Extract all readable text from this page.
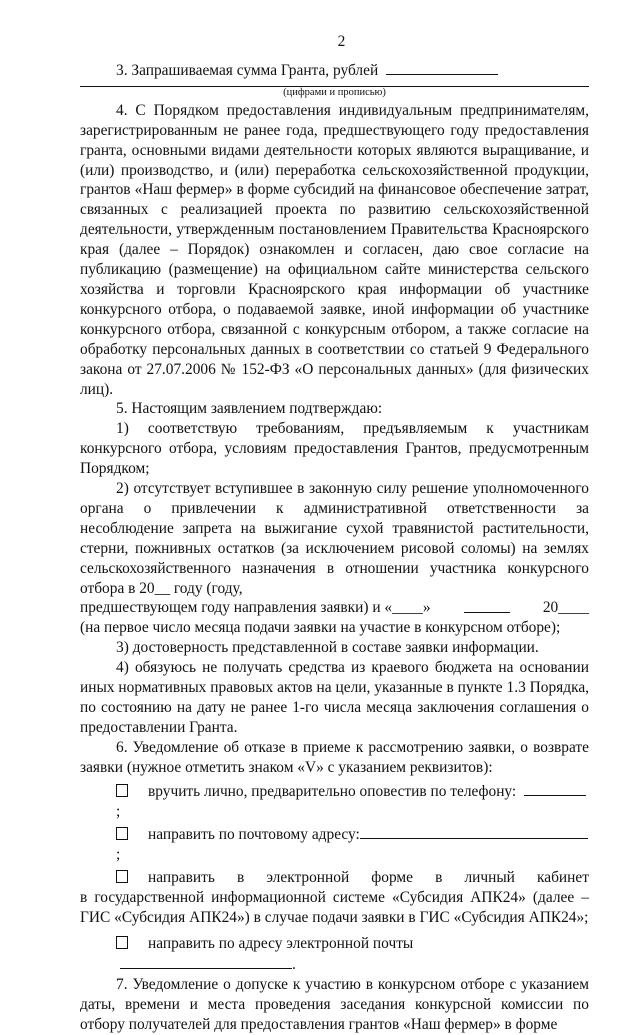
2
3. Запрашиваемая сумма Гранта, рублей
(цифрами и прописью)

4. С Порядком предоставления индивидуальным предпринимателям, зарегистрированным не ранее года, предшествующего году предоставления гранта, основными видами деятельности которых являются выращивание, и (или) производство, и (или) переработка сельскохозяйственной продукции, грантов «Наш фермер» в форме субсидий на финансовое обеспечение затрат, связанных с реализацией проекта по развитию сельскохозяйственной деятельности, утвержденным постановлением Правительства Красноярского края (далее – Порядок) ознакомлен и согласен, даю свое согласие на публикацию (размещение) на официальном сайте министерства сельского хозяйства и торговли Красноярского края информации об участнике конкурсного отбора, о подаваемой заявке, иной информации об участнике конкурсного отбора, связанной с конкурсным отбором, а также согласие на обработку персональных данных в соответствии со статьей 9 Федерального закона от 27.07.2006 № 152-ФЗ «О персональных данных» (для физических лиц).

5. Настоящим заявлением подтверждаю:

1) соответствую требованиям, предъявляемым к участникам конкурсного отбора, условиям предоставления Грантов, предусмотренным Порядком;

2) отсутствует вступившее в законную силу решение уполномоченного органа о привлечении к административной ответственности за несоблюдение запрета на выжигание сухой травянистой растительности, стерни, пожнивных остатков (за исключением рисовой соломы) на землях сельскохозяйственного назначения в отношении участника конкурсного отбора в 20__ году (году,

предшествующем году направления заявки) и «____»	20____

(на первое число месяца подачи заявки на участие в конкурсном отборе);

3) достоверность представленной в составе заявки информации.

4) обязуюсь не получать средства из краевого бюджета на основании иных нормативных правовых актов на цели, указанные в пункте 1.3 Порядка, по состоянию на дату не ранее 1-го числа месяца заключения соглашения о предоставлении Гранта.

6. Уведомление об отказе в приеме к рассмотрению заявки, о возврате заявки (нужное отметить знаком «V» с указанием реквизитов):

вручить лично, предварительно оповестив по телефону: ;
направить по почтовому адресу:;
направить в электронной форме в личный кабинет

в государственной информационной системе «Субсидия АПК24» (далее – ГИС «Субсидия АПК24») в случае подачи заявки в ГИС «Субсидия АПК24»;

направить по адресу электронной почты .

7. Уведомление о допуске к участию в конкурсном отборе с указанием даты, времени и места проведения заседания конкурсной комиссии по отбору получателей для предоставления грантов «Наш фермер» в форме
